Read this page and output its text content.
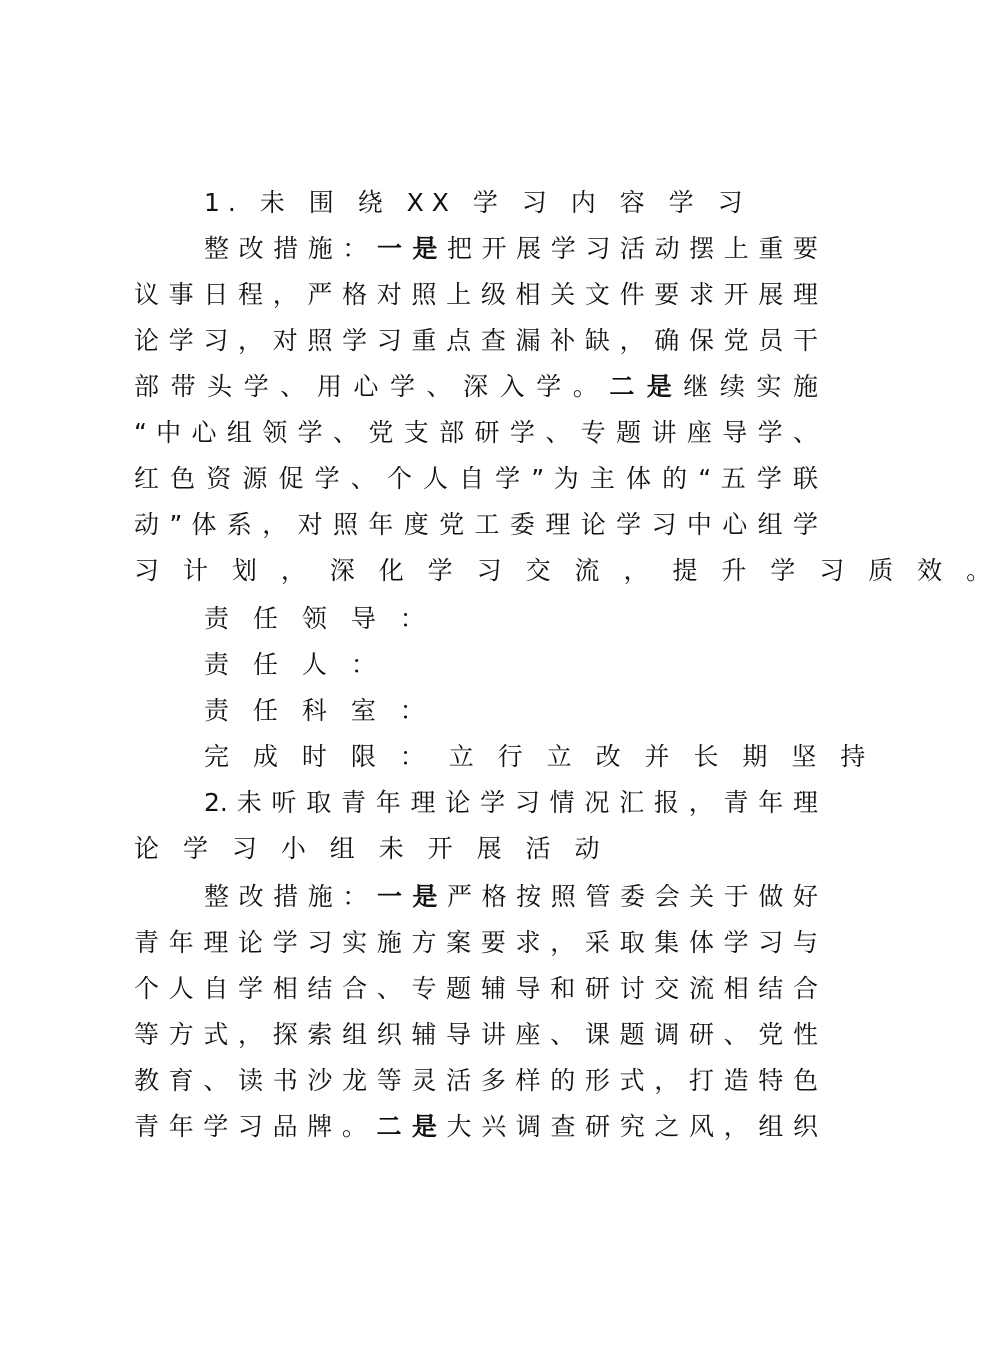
1. 未 围 绕 XX 学 习 内 容 学 习
整 改 措 施 ： 一 是 把 开 展 学 习 活 动 摆 上 重 要
议 事 日 程 ， 严 格 对 照 上 级 相 关 文 件 要 求 开 展 理
论 学 习 ， 对 照 学 习 重 点 查 漏 补 缺 ， 确 保 党 员 干
部 带 头 学 、 用 心 学 、 深 入 学 。 二 是 继 续 实 施
“ 中 心 组 领 学 、 党 支 部 研 学 、 专 题 讲 座 导 学 、
红 色 资 源 促 学 、 个 人 自 学 ” 为 主 体 的 “ 五 学 联
动 ” 体 系 ， 对 照 年 度 党 工 委 理 论 学 习 中 心 组 学
习 计 划 ， 深 化 学 习 交 流 ， 提 升 学 习 质 效 。
责 任 领 导 ：
责 任 人 ：
责 任 科 室 ：
完 成 时 限 ： 立 行 立 改 并 长 期 坚 持
2. 未 听 取 青 年 理 论 学 习 情 况 汇 报 ， 青 年 理
论 学 习 小 组 未 开 展 活 动
整 改 措 施 ： 一 是 严 格 按 照 管 委 会 关 于 做 好
青 年 理 论 学 习 实 施 方 案 要 求 ， 采 取 集 体 学 习 与
个 人 自 学 相 结 合 、 专 题 辅 导 和 研 讨 交 流 相 结 合
等 方 式 ， 探 索 组 织 辅 导 讲 座 、 课 题 调 研 、 党 性
教 育 、 读 书 沙 龙 等 灵 活 多 样 的 形 式 ， 打 造 特 色
青 年 学 习 品 牌 。 二 是 大 兴 调 查 研 究 之 风 ， 组 织
